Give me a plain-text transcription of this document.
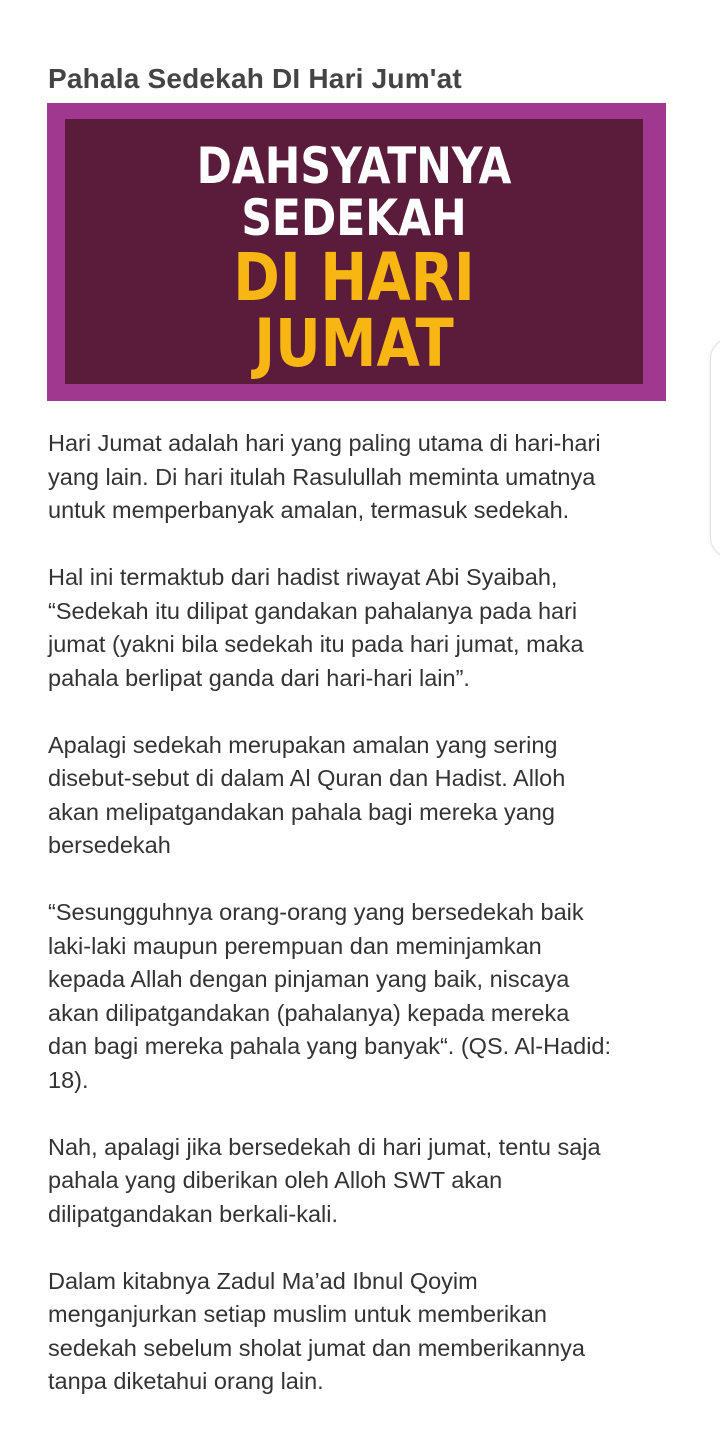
Pahala Sedekah DI Hari Jum'at
DAHSYATNYA
SEDEKAH
DI HARI
JUMAT

Hari Jumat adalah hari yang paling utama di hari-hari
yang lain. Di hari itulah Rasulullah meminta umatnya
untuk memperbanyak amalan, termasuk sedekah.

Hal ini termaktub dari hadist riwayat Abi Syaibah,
“Sedekah itu dilipat gandakan pahalanya pada hari
jumat (yakni bila sedekah itu pada hari jumat, maka
pahala berlipat ganda dari hari-hari lain”.

Apalagi sedekah merupakan amalan yang sering
disebut-sebut di dalam Al Quran dan Hadist. Alloh
akan melipatgandakan pahala bagi mereka yang
bersedekah

“Sesungguhnya orang-orang yang bersedekah baik
laki-laki maupun perempuan dan meminjamkan
kepada Allah dengan pinjaman yang baik, niscaya
akan dilipatgandakan (pahalanya) kepada mereka
dan bagi mereka pahala yang banyak“. (QS. Al-Hadid:
18).

Nah, apalagi jika bersedekah di hari jumat, tentu saja
pahala yang diberikan oleh Alloh SWT akan
dilipatgandakan berkali-kali.

Dalam kitabnya Zadul Ma’ad Ibnul Qoyim
menganjurkan setiap muslim untuk memberikan
sedekah sebelum sholat jumat dan memberikannya
tanpa diketahui orang lain.
